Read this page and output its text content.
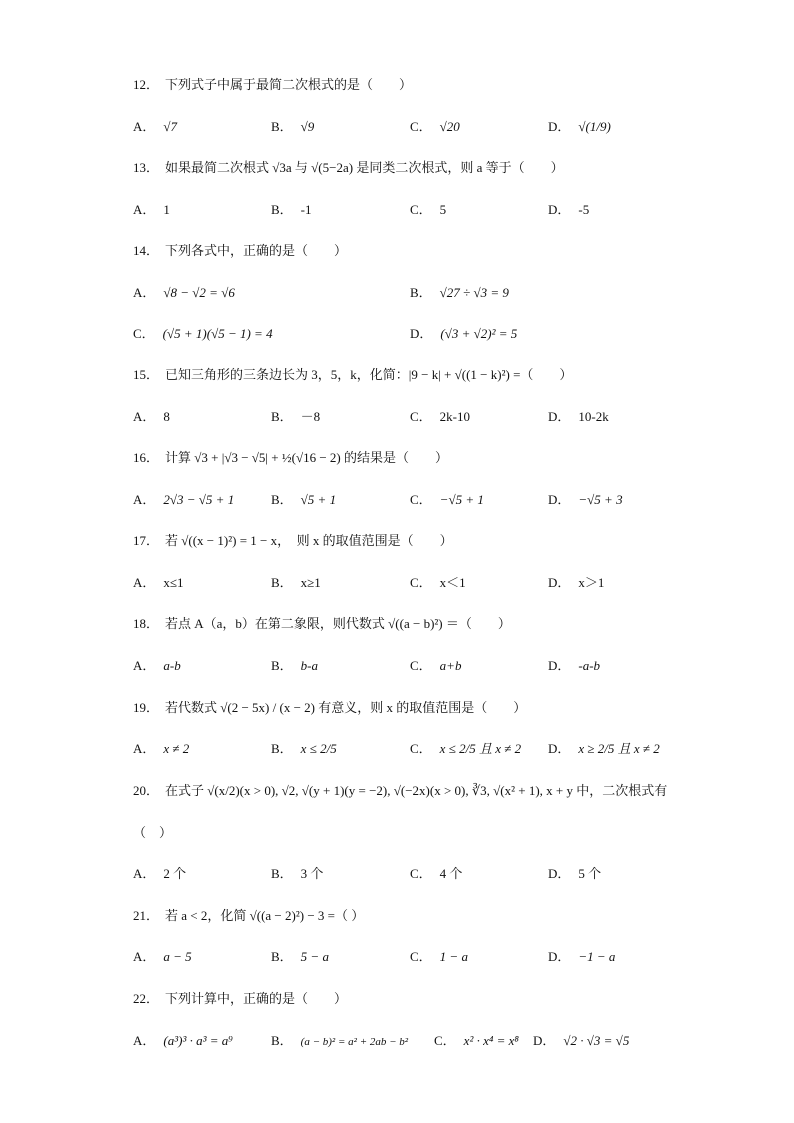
12． 下列式子中属于最简二次根式的是（　　）
A． √7	B． √9	C． √20	D． √(1/9)
13． 如果最简二次根式 √3a 与 √(5−2a) 是同类二次根式，则 a 等于（　　）
A． 1	B． -1	C． 5	D． -5
14． 下列各式中，正确的是（　　）
A． √8 − √2 = √6	B． √27 ÷ √3 = 9
C． (√5 + 1)(√5 − 1) = 4	D． (√3 + √2)² = 5
15． 已知三角形的三条边长为 3，5，k，化简：|9 − k| + √((1 − k)²) =（　　）
A． 8	B． －8	C． 2k-10	D． 10-2k
16． 计算 √3 + |√3 − √5| + ½(√16 − 2) 的结果是（　　）
A． 2√3 − √5 + 1	B． √5 + 1	C． −√5 + 1	D． −√5 + 3
17． 若 √((x − 1)²) = 1 − x，　则 x 的取值范围是（　　）
A． x≤1	B． x≥1	C． x＜1	D． x＞1
18． 若点 A（a，b）在第二象限，则代数式 √((a − b)²) ＝（　　）
A． a-b	B． b-a	C． a+b	D． -a-b
19． 若代数式 √(2 − 5x) / (x − 2) 有意义，则 x 的取值范围是（　　）
A． x ≠ 2	B． x ≤ 2/5	C． x ≤ 2/5 且 x ≠ 2 D． x ≥ 2/5 且 x ≠ 2
20． 在式子 √(x/2)(x > 0), √2, √(y + 1)(y = −2), √(−2x)(x > 0), ∛3, √(x² + 1), x + y 中，二次根式有
（　）
A． 2 个	B． 3 个	C． 4 个	D． 5 个
21． 若 a < 2，化简 √((a − 2)²) − 3 =（ ）
A． a − 5	B． 5 − a	C． 1 − a	D． −1 − a
22． 下列计算中，正确的是（　　）
A． (a³)³ · a³ = a⁹	B． (a − b)² = a² + 2ab − b² C． x² · x⁴ = x⁸ D． √2 · √3 = √5
